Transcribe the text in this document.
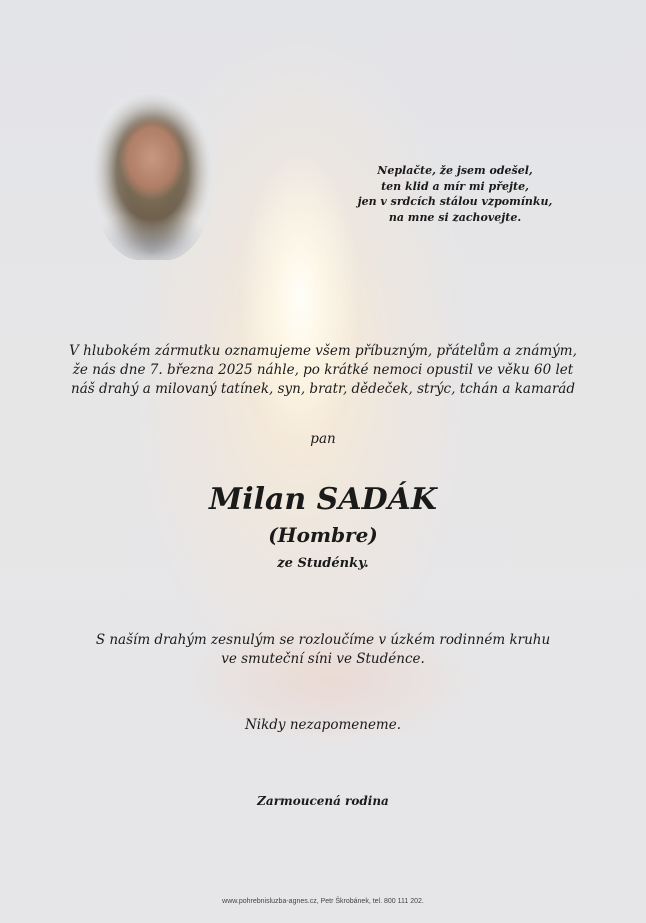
Neplačte, že jsem odešel,
ten klid a mír mi přejte,
jen v srdcích stálou vzpomínku,
na mne si zachovejte.
V hlubokém zármutku oznamujeme všem příbuzným, přátelům a známým,
že nás dne 7. března 2025 náhle, po krátké nemoci opustil ve věku 60 let
náš drahý a milovaný tatínek, syn, bratr, dědeček, strýc, tchán a kamarád
pan
Milan SADÁK
(Hombre)
ze Studénky.
S naším drahým zesnulým se rozloučíme v úzkém rodinném kruhu
ve smuteční síni ve Studénce.
Nikdy nezapomeneme.
Zarmoucená rodina
www.pohrebnisluzba-agnes.cz, Petr Škrobánek, tel. 800 111 202.
